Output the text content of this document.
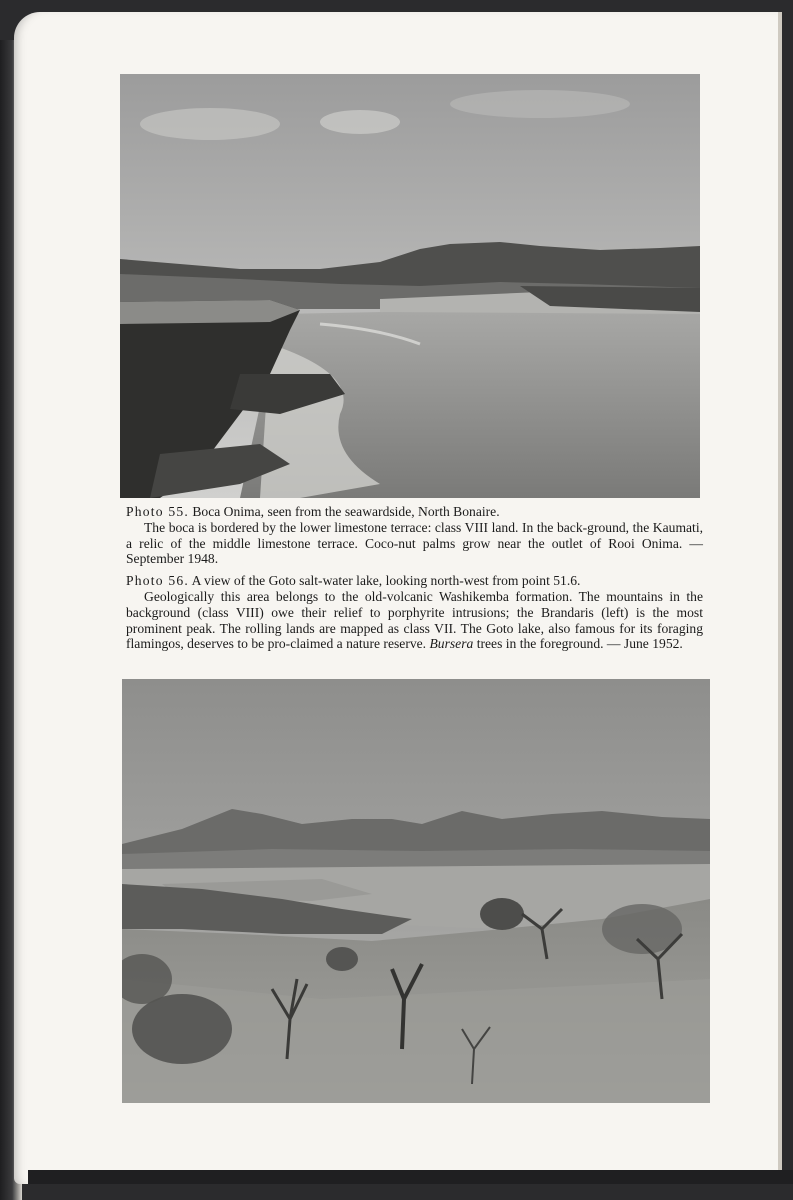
Photo 55. Boca Onima, seen from the seawardside, North Bonaire.
The boca is bordered by the lower limestone terrace: class VIII land. In the back-ground, the Kaumati, a relic of the middle limestone terrace. Coco-nut palms grow near the outlet of Rooi Onima. — September 1948.
Photo 56. A view of the Goto salt-water lake, looking north-west from point 51.6.
Geologically this area belongs to the old-volcanic Washikemba formation. The mountains in the background (class VIII) owe their relief to porphyrite intrusions; the Brandaris (left) is the most prominent peak. The rolling lands are mapped as class VII. The Goto lake, also famous for its foraging flamingos, deserves to be pro-claimed a nature reserve. Bursera trees in the foreground. — June 1952.
